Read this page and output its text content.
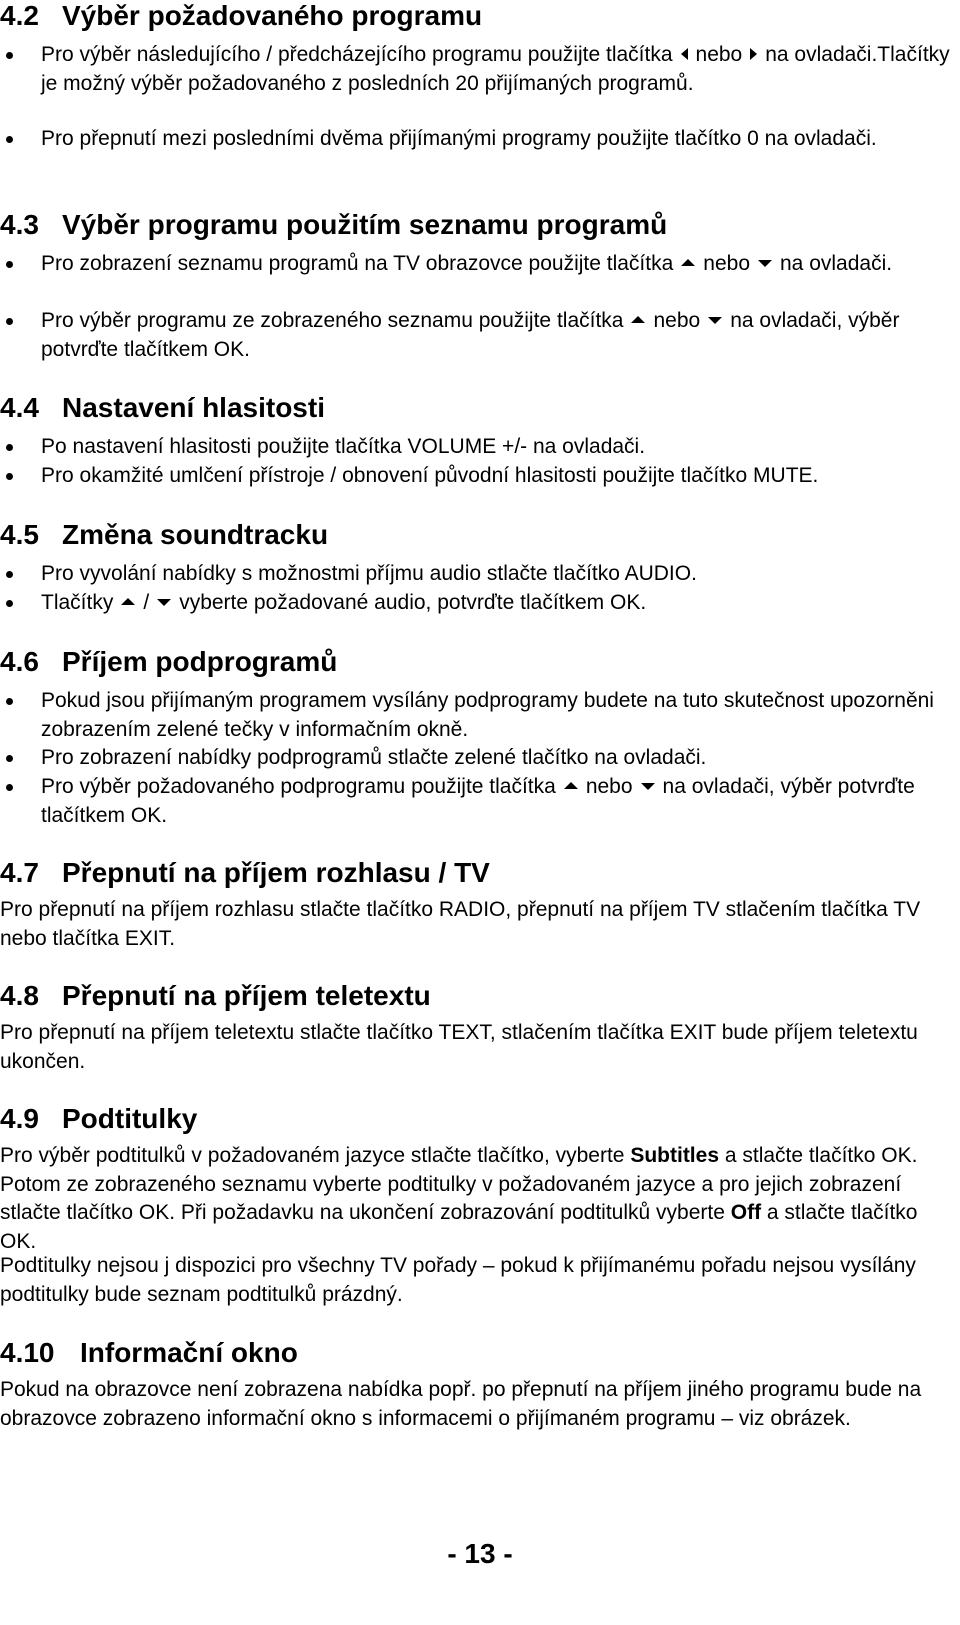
4.2 Výběr požadovaného programu
Pro výběr následujícího / předcházejícího programu použijte tlačítka nebo na ovladači.Tlačítky je možný výběr požadovaného z posledních 20 přijímaných programů.
Pro přepnutí mezi posledními dvěma přijímanými programy použijte tlačítko 0 na ovladači.
4.3 Výběr programu použitím seznamu programů
Pro zobrazení seznamu programů na TV obrazovce použijte tlačítka nebo na ovladači.
Pro výběr programu ze zobrazeného seznamu použijte tlačítka nebo na ovladači, výběr potvrďte tlačítkem OK.
4.4 Nastavení hlasitosti
Po nastavení hlasitosti použijte tlačítka VOLUME +/- na ovladači.
Pro okamžité umlčení přístroje / obnovení původní hlasitosti použijte tlačítko MUTE.
4.5 Změna soundtracku
Pro vyvolání nabídky s možnostmi příjmu audio stlačte tlačítko AUDIO.
Tlačítky / vyberte požadované audio, potvrďte tlačítkem OK.
4.6 Příjem podprogramů
Pokud jsou přijímaným programem vysílány podprogramy budete na tuto skutečnost upozorněni zobrazením zelené tečky v informačním okně.
Pro zobrazení nabídky podprogramů stlačte zelené tlačítko na ovladači.
Pro výběr požadovaného podprogramu použijte tlačítka nebo na ovladači, výběr potvrďte tlačítkem OK.
4.7 Přepnutí na příjem rozhlasu / TV
Pro přepnutí na příjem rozhlasu stlačte tlačítko RADIO, přepnutí na příjem TV stlačením tlačítka TV nebo tlačítka EXIT.
4.8 Přepnutí na příjem teletextu
Pro přepnutí na příjem teletextu stlačte tlačítko TEXT, stlačením tlačítka EXIT bude příjem teletextu ukončen.
4.9 Podtitulky
Pro výběr podtitulků v požadovaném jazyce stlačte tlačítko, vyberte Subtitles a stlačte tlačítko OK. Potom ze zobrazeného seznamu vyberte podtitulky v požadovaném jazyce a pro jejich zobrazení stlačte tlačítko OK. Při požadavku na ukončení zobrazování podtitulků vyberte Off a stlačte tlačítko OK.
Podtitulky nejsou j dispozici pro všechny TV pořady – pokud k přijímanému pořadu nejsou vysílány podtitulky bude seznam podtitulků prázdný.
4.10 Informační okno
Pokud na obrazovce není zobrazena nabídka popř. po přepnutí na příjem jiného programu bude na obrazovce zobrazeno informační okno s informacemi o přijímaném programu – viz obrázek.
- 13 -
